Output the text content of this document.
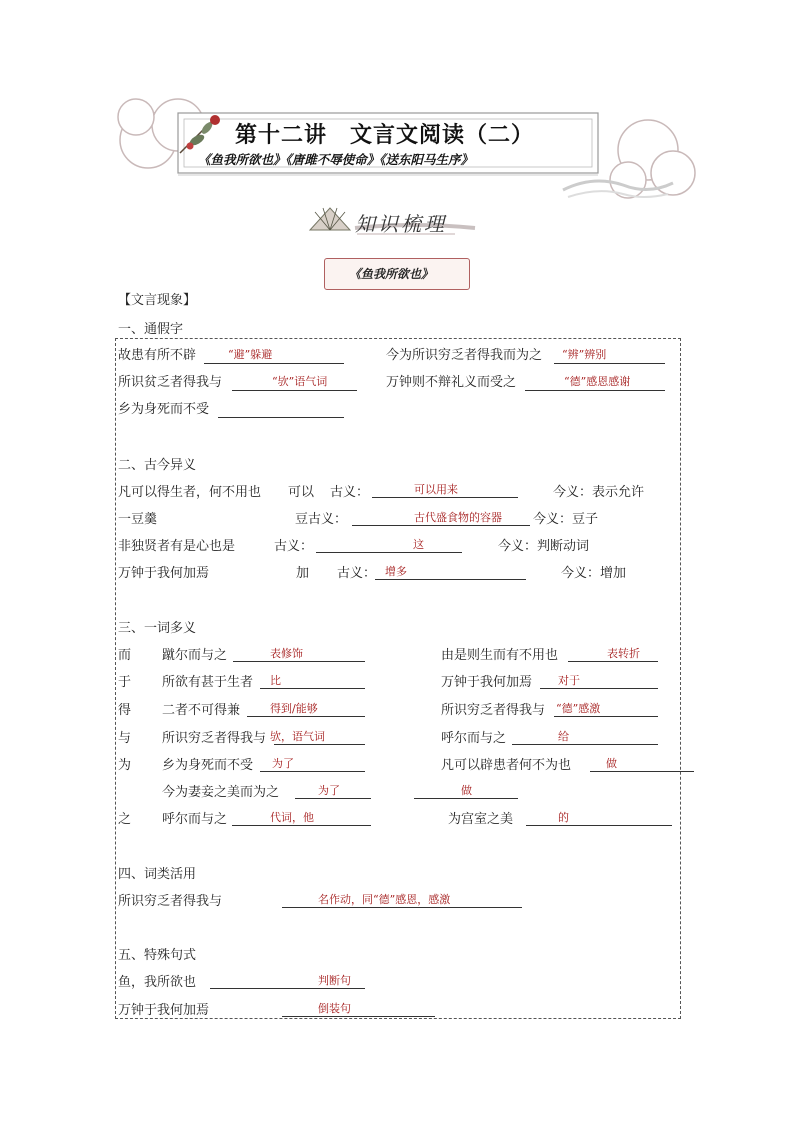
第十二讲　文言文阅读（二）
《鱼我所欲也》《唐雎不辱使命》《送东阳马生序》
知识梳理
《鱼我所欲也》
【文言现象】
一、通假字
故患有所不辟	“避”躲避	今为所识穷乏者得我而为之 “辨”辨别
所识贫乏者得我与	“欤”语气词	万钟则不辩礼义而受之	“德”感恩感谢
乡为身死而不受
二、古今异义
凡可以得生者，何不用也 可以 古义：	可以用来	今义：表示允许
一豆羹	豆古义：	古代盛食物的容器 今义：豆子
非独贤者有是心也是	古义：	这	今义：判断动词
万钟于我何加焉	加 古义： 增多	今义：增加
三、一词多义
而 蹴尔而与之	表修饰	由是则生而有不用也	表转折
于 所欲有甚于生者 比	万钟于我何加焉 对于
得 二者不可得兼	得到/能够	所识穷乏者得我与 “德”感激
与 所识穷乏者得我与 欤，语气词	呼尔而与之	给
为 乡为身死而不受 为了	凡可以辟患者何不为也	做
今为妻妾之美而为之	为了	做
之 呼尔而与之	代词，他	为宫室之美	的
四、词类活用
所识穷乏者得我与	名作动，同“德”感恩，感激
五、特殊句式
鱼，我所欲也	判断句
万钟于我何加焉	倒装句
